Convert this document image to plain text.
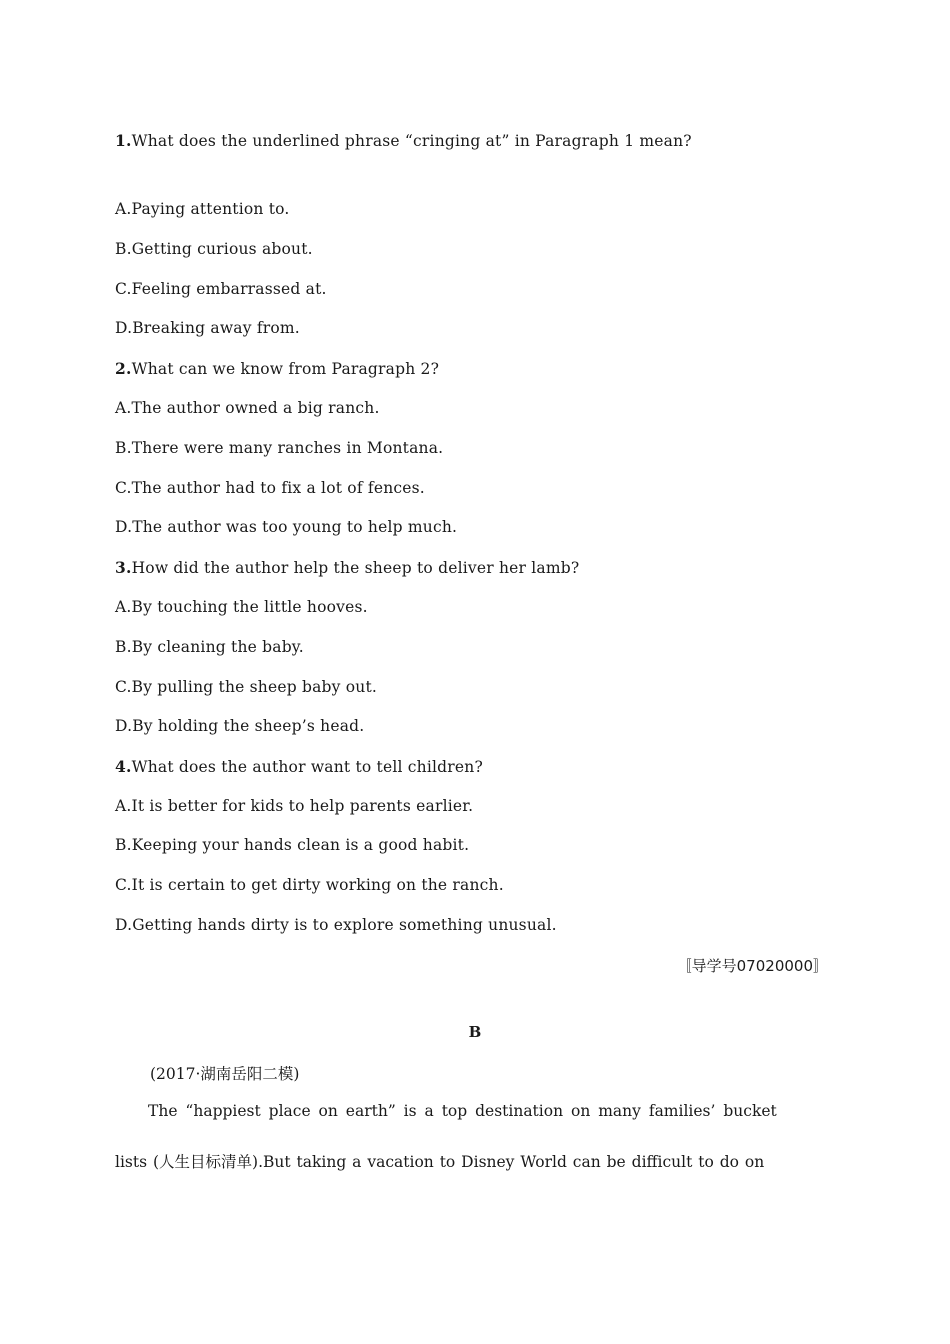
1.What does the underlined phrase “cringing at” in Paragraph 1 mean?
A.Paying attention to.
B.Getting curious about.
C.Feeling embarrassed at.
D.Breaking away from.
2.What can we know from Paragraph 2?
A.The author owned a big ranch.
B.There were many ranches in Montana.
C.The author had to fix a lot of fences.
D.The author was too young to help much.
3.How did the author help the sheep to deliver her lamb?
A.By touching the little hooves.
B.By cleaning the baby.
C.By pulling the sheep baby out.
D.By holding the sheep’s head.
4.What does the author want to tell children?
A.It is better for kids to help parents earlier.
B.Keeping your hands clean is a good habit.
C.It is certain to get dirty working on the ranch.
D.Getting hands dirty is to explore something unusual.
〚导学号07020000〛
B
(2017·湖南岳阳二模)
The “happiest place on earth” is a top destination on many families’ bucket
lists (人生目标清单).But taking a vacation to Disney World can be difficult to do on
